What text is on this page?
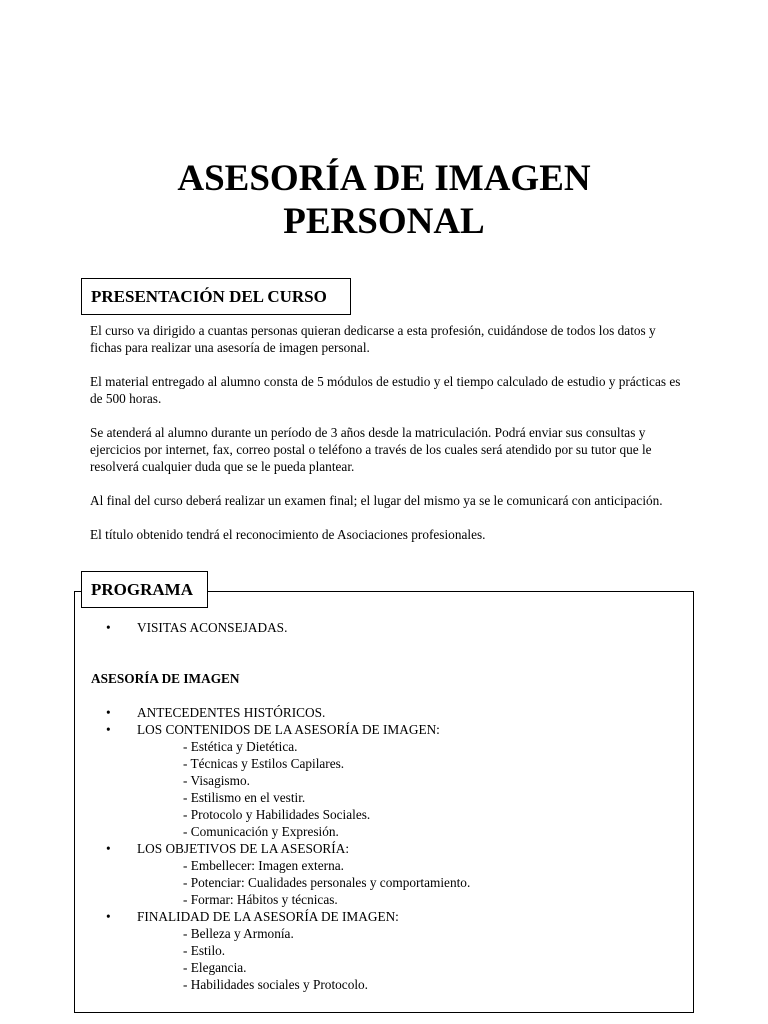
ASESORÍA DE IMAGEN
PERSONAL
PRESENTACIÓN DEL CURSO

El curso va dirigido a cuantas personas quieran dedicarse a esta profesión, cuidándose de todos los datos y fichas para realizar una asesoría de imagen personal.

El material entregado al alumno consta de 5 módulos de estudio y el tiempo calculado de estudio y prácticas es de 500 horas.

Se atenderá al alumno durante un período de 3 años desde la matriculación. Podrá enviar sus consultas y ejercicios por internet, fax, correo postal o teléfono a través de los cuales será atendido por su tutor que le resolverá cualquier duda que se le pueda plantear.

Al final del curso deberá realizar un examen final; el lugar del mismo ya se le comunicará con anticipación.

El título obtenido tendrá el reconocimiento de Asociaciones profesionales.

PROGRAMA
• VISITAS ACONSEJADAS.
ASESORÍA DE IMAGEN
• ANTECEDENTES HISTÓRICOS.
• LOS CONTENIDOS DE LA ASESORÍA DE IMAGEN:
- Estética y Dietética.
- Técnicas y Estilos Capilares.
- Visagismo.
- Estilismo en el vestir.
- Protocolo y Habilidades Sociales.
- Comunicación y Expresión.
• LOS OBJETIVOS DE LA ASESORÍA:
- Embellecer: Imagen externa.
- Potenciar: Cualidades personales y comportamiento.
- Formar: Hábitos y técnicas.
• FINALIDAD DE LA ASESORÍA DE IMAGEN:
- Belleza y Armonía.
- Estilo.
- Elegancia.
- Habilidades sociales y Protocolo.
